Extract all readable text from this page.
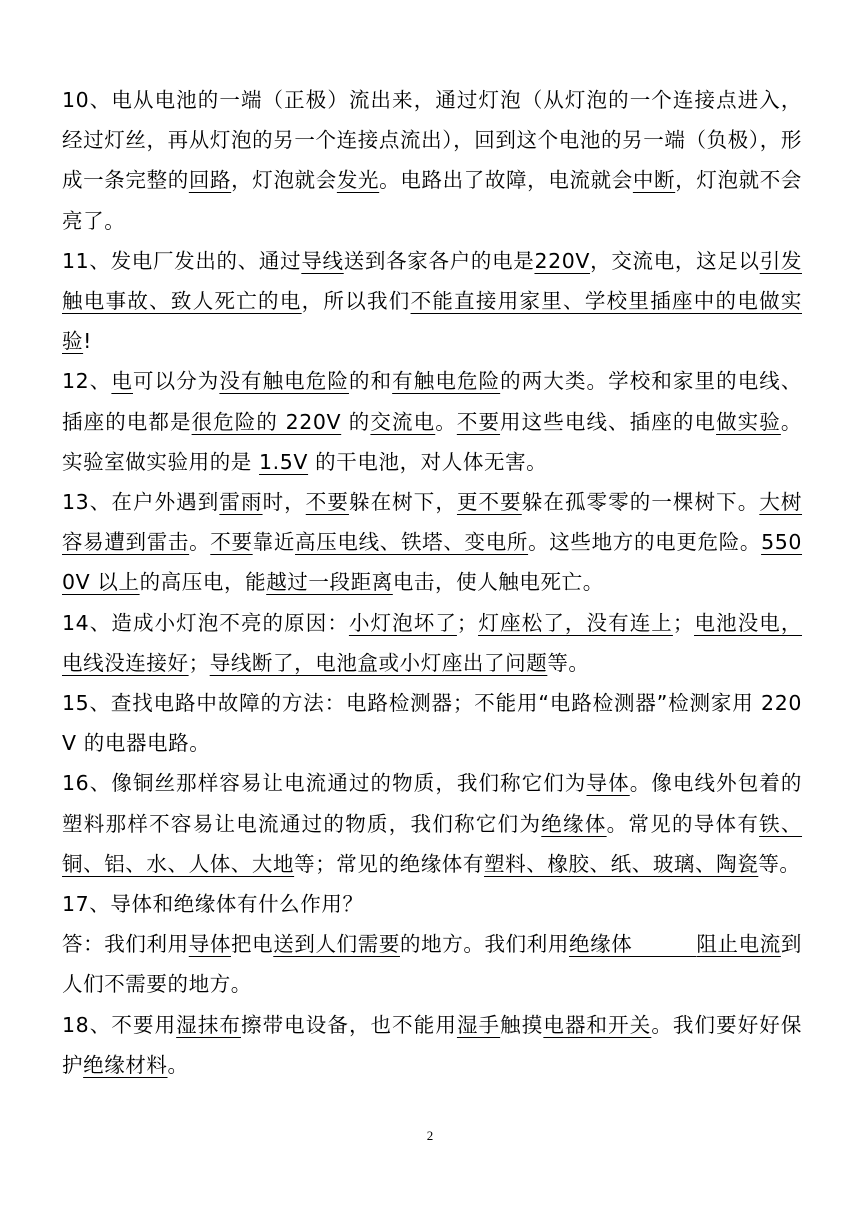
10、电从电池的一端（正极）流出来，通过灯泡（从灯泡的一个连接点进入，经过灯丝，再从灯泡的另一个连接点流出），回到这个电池的另一端（负极），形成一条完整的回路，灯泡就会发光。电路出了故障，电流就会中断，灯泡就不会亮了。

11、发电厂发出的、通过导线送到各家各户的电是220V，交流电，这足以引发触电事故、致人死亡的电，所以我们不能直接用家里、学校里插座中的电做实验!

12、电可以分为没有触电危险的和有触电危险的两大类。学校和家里的电线、插座的电都是很危险的 220V 的交流电。不要用这些电线、插座的电做实验。实验室做实验用的是 1.5V 的干电池，对人体无害。

13、在户外遇到雷雨时，不要躲在树下，更不要躲在孤零零的一棵树下。大树容易遭到雷击。不要靠近高压电线、铁塔、变电所。这些地方的电更危险。5500V 以上的高压电，能越过一段距离电击，使人触电死亡。

14、造成小灯泡不亮的原因：小灯泡坏了；灯座松了，没有连上；电池没电，电线没连接好；导线断了，电池盒或小灯座出了问题等。

15、查找电路中故障的方法：电路检测器；不能用“电路检测器”检测家用 220V 的电器电路。

16、像铜丝那样容易让电流通过的物质，我们称它们为导体。像电线外包着的塑料那样不容易让电流通过的物质，我们称它们为绝缘体。常见的导体有铁、铜、铝、水、人体、大地等；常见的绝缘体有塑料、橡胶、纸、玻璃、陶瓷等。

17、导体和绝缘体有什么作用？

答：我们利用导体把电送到人们需要的地方。我们利用绝缘体	阻止电流到人们不需要的地方。

18、不要用湿抹布擦带电设备，也不能用湿手触摸电器和开关。我们要好好保护绝缘材料。

2
